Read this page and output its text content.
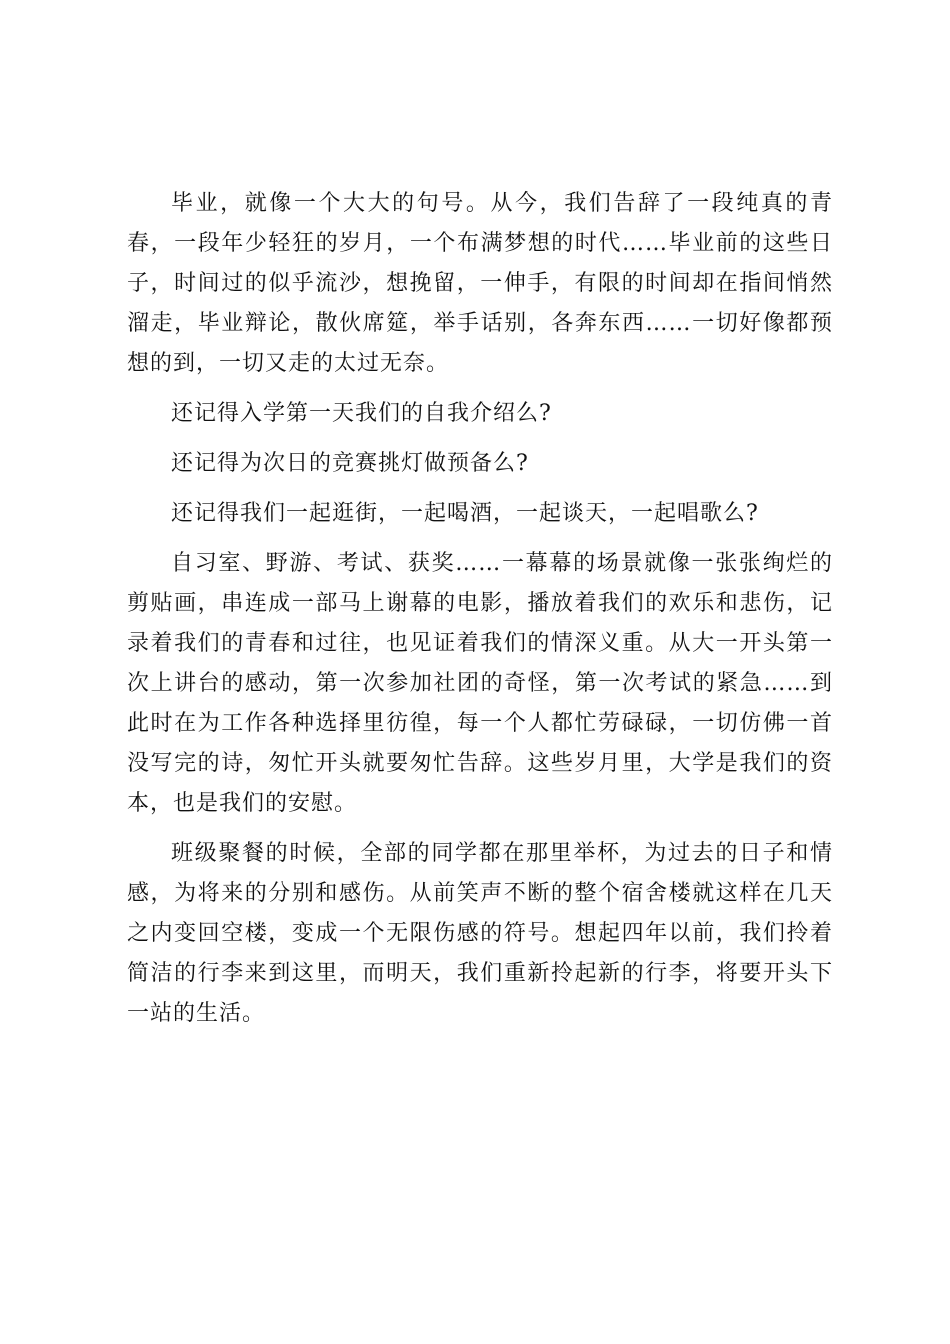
毕业，就像一个大大的句号。从今，我们告辞了一段纯真的青春，一段年少轻狂的岁月，一个布满梦想的时代……毕业前的这些日子，时间过的似乎流沙，想挽留，一伸手，有限的时间却在指间悄然溜走，毕业辩论，散伙席筵，举手话别，各奔东西……一切好像都预想的到，一切又走的太过无奈。

还记得入学第一天我们的自我介绍么?

还记得为次日的竞赛挑灯做预备么?

还记得我们一起逛街，一起喝酒，一起谈天，一起唱歌么?

自习室、野游、考试、获奖……一幕幕的场景就像一张张绚烂的剪贴画，串连成一部马上谢幕的电影，播放着我们的欢乐和悲伤，记录着我们的青春和过往，也见证着我们的情深义重。从大一开头第一次上讲台的感动，第一次参加社团的奇怪，第一次考试的紧急……到此时在为工作各种选择里彷徨，每一个人都忙劳碌碌，一切仿佛一首没写完的诗，匆忙开头就要匆忙告辞。这些岁月里，大学是我们的资本，也是我们的安慰。

班级聚餐的时候，全部的同学都在那里举杯，为过去的日子和情感，为将来的分别和感伤。从前笑声不断的整个宿舍楼就这样在几天之内变回空楼，变成一个无限伤感的符号。想起四年以前，我们拎着简洁的行李来到这里，而明天，我们重新拎起新的行李，将要开头下一站的生活。
